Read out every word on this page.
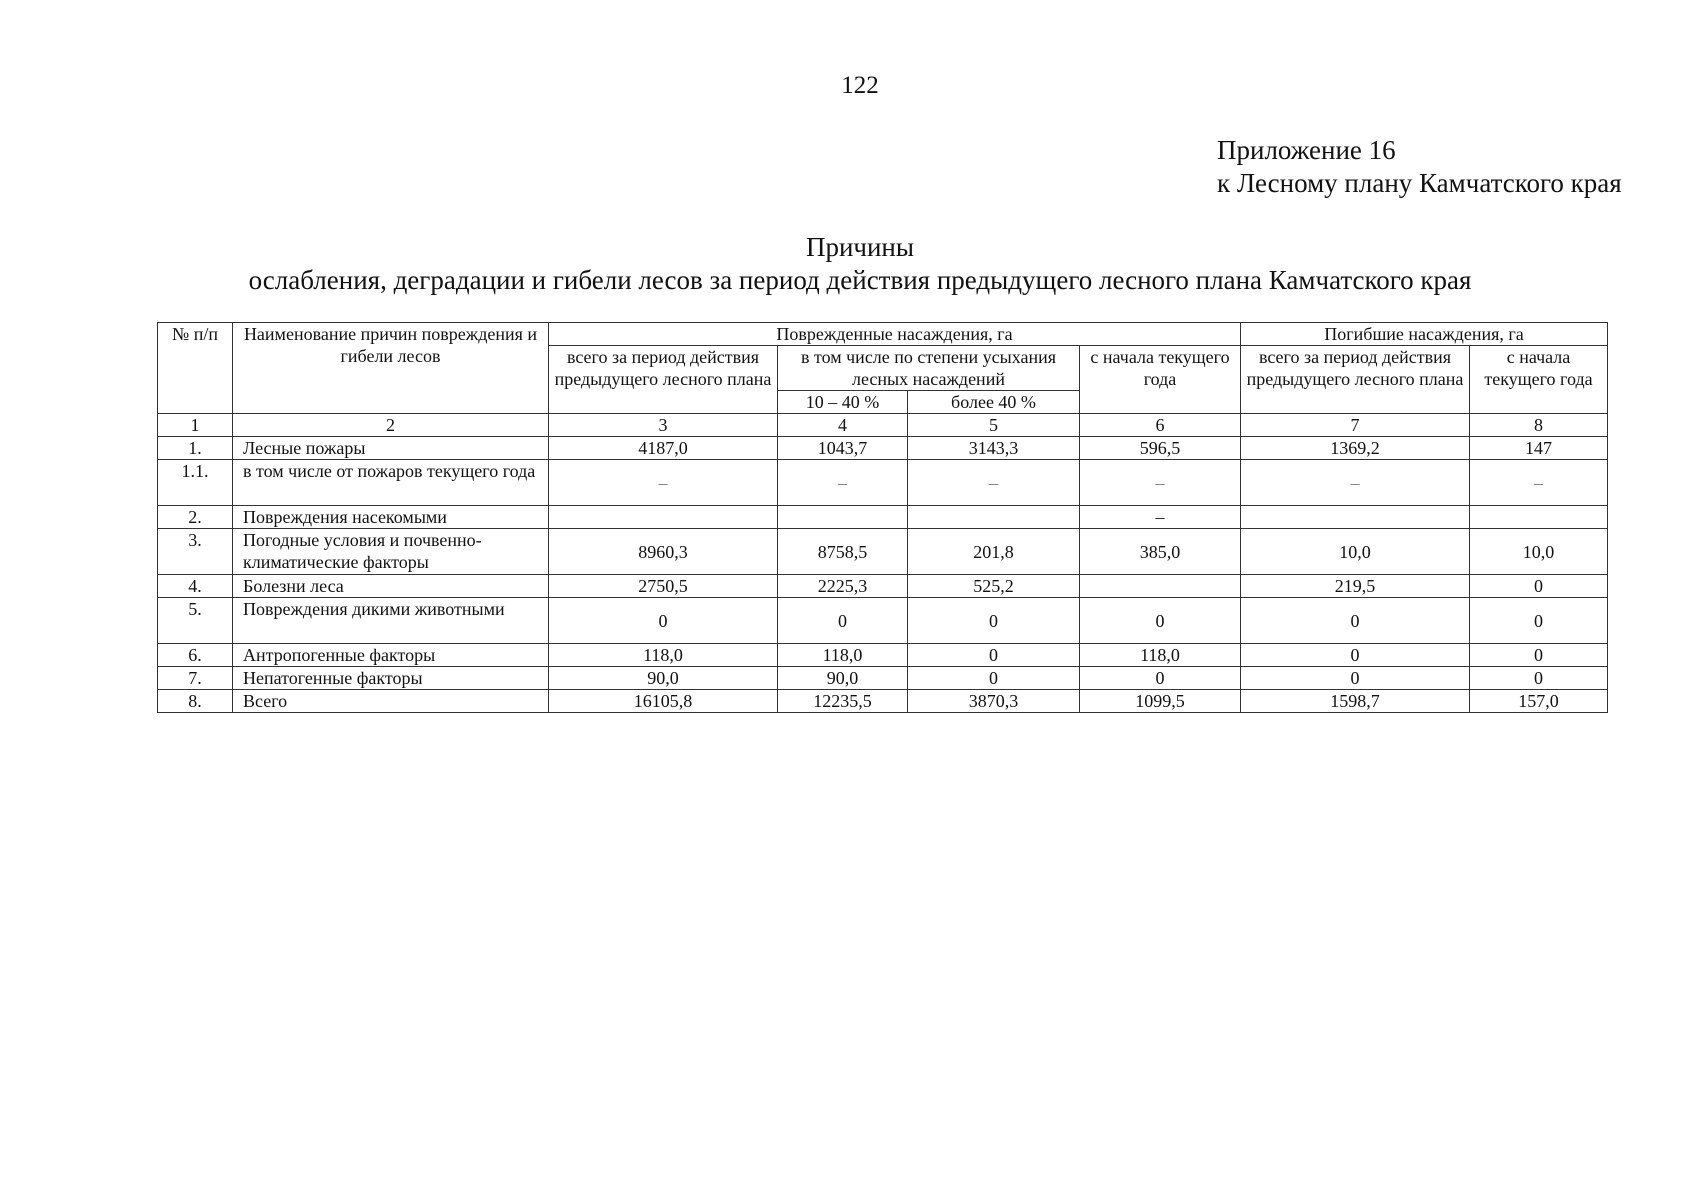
122
Приложение 16
к Лесному плану Камчатского края
Причины
ослабления, деградации и гибели лесов за период действия предыдущего лесного плана Камчатского края
№ п/п	Наименование причин повреждения и гибели лесов	Поврежденные насаждения, га				Погибшие насаждения, га	
		всего за период действия предыдущего лесного плана	в том числе по степени усыхания лесных насаждений		с начала текущего года	всего за период действия предыдущего лесного плана	с начала текущего года
			10 – 40 %	более 40 %			
1	2	3	4	5	6	7	8
1.	Лесные пожары	4187,0	1043,7	3143,3	596,5	1369,2	147
1.1.	в том числе от пожаров текущего года	–	–	–	–	–	–
2.	Повреждения насекомыми				–		
3.	Погодные условия и почвенно-климатические факторы	8960,3	8758,5	201,8	385,0	10,0	10,0
4.	Болезни леса	2750,5	2225,3	525,2		219,5	0
5.	Повреждения дикими животными	0	0	0	0	0	0
6.	Антропогенные факторы	118,0	118,0	0	118,0	0	0
7.	Непатогенные факторы	90,0	90,0	0	0	0	0
8.	Всего	16105,8	12235,5	3870,3	1099,5	1598,7	157,0
